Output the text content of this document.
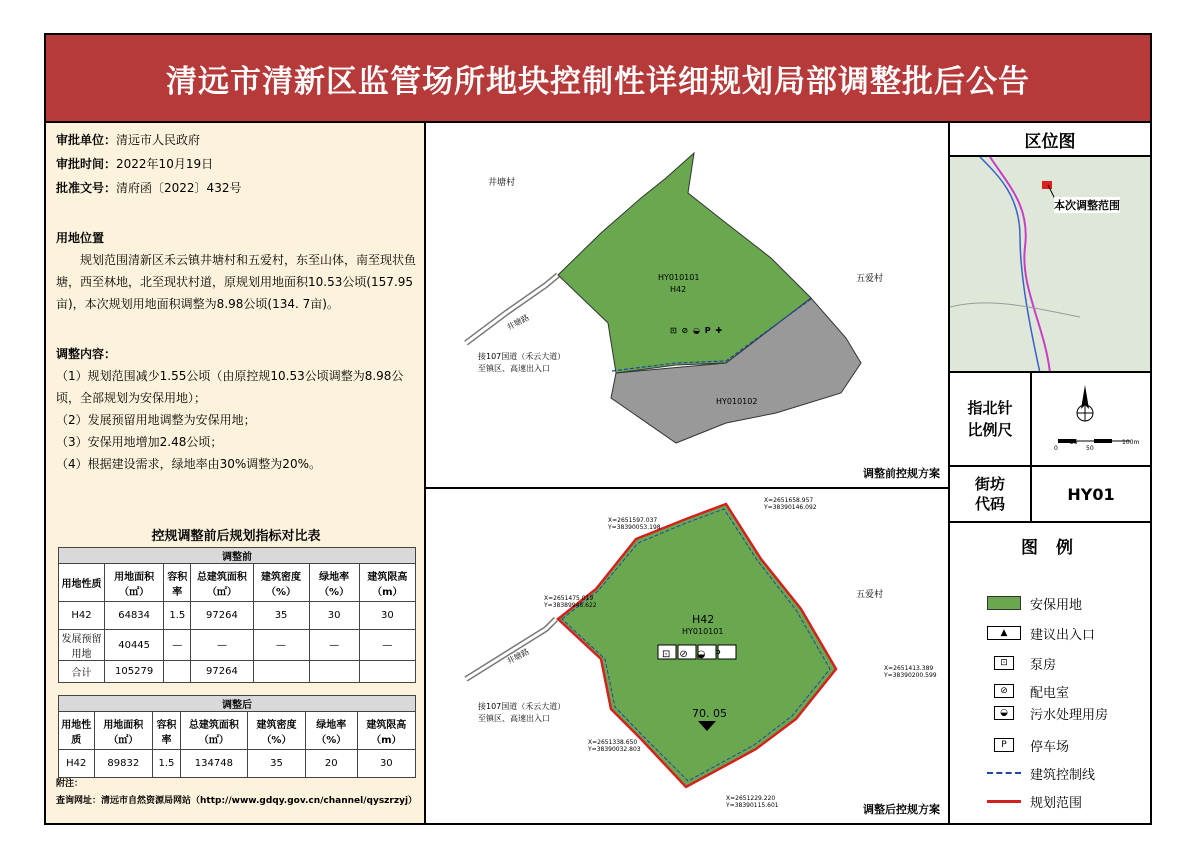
清远市清新区监管场所地块控制性详细规划局部调整批后公告
审批单位：清远市人民政府
审批时间：2022年10月19日
批准文号：清府函〔2022〕432号
用地位置
规划范围清新区禾云镇井塘村和五爱村，东至山体，南至现状鱼塘，西至林地，北至现状村道，原规划用地面积10.53公顷(157.95亩)，本次规划用地面积调整为8.98公顷(134. 7亩)。
调整内容：
（1）规划范围减少1.55公顷（由原控规10.53公顷调整为8.98公顷，全部规划为安保用地）；
（2）发展预留用地调整为安保用地；
（3）安保用地增加2.48公顷；
（4）根据建设需求，绿地率由30%调整为20%。
控规调整前后规划指标对比表
调整前						
用地性质	用地面积（㎡）	容积率	总建筑面积（㎡）	建筑密度（%）	绿地率（%）	建筑限高（m）
H42	64834	1.5	97264	35	30	30
发展预留用地	40445	—	—	—	—	—
合计	105279		97264			
调整后						
用地性质	用地面积（㎡）	容积率	总建筑面积（㎡）	建筑密度（%）	绿地率（%）	建筑限高（m）
H42	89832	1.5	134748	35	20	30
附注：
查询网址：清远市自然资源局网站（http://www.gdqy.gov.cn/channel/qyszrzyj）
⊡ ⊘ ◒ P ✚
井塘村
五爱村
井塘路
接107国道（禾云大道）
至镇区、高速出入口
HY010101
H42
HY010102
调整前控规方案
五爱村
井塘路
接107国道（禾云大道）
至镇区、高速出入口
H42
HY010101
⊡⊘◒P
70. 05
X=2651658.957
Y=38390146.092
X=2651597.037
Y=38390053.198
X=2651475.019
Y=38389946.622
X=2651413.389
Y=38390200.599
X=2651338.650
Y=38390032.803
X=2651229.220
Y=38390115.601	调整后控规方案
区位图
本次调整范围
指北针
比例尺
0
25
50
100m
街坊
代码
HY01
图 例
安保用地
▲	建议出入口
⊡	泵房
⊘	配电室
◒	污水处理用房
P	停车场
建筑控制线
规划范围
